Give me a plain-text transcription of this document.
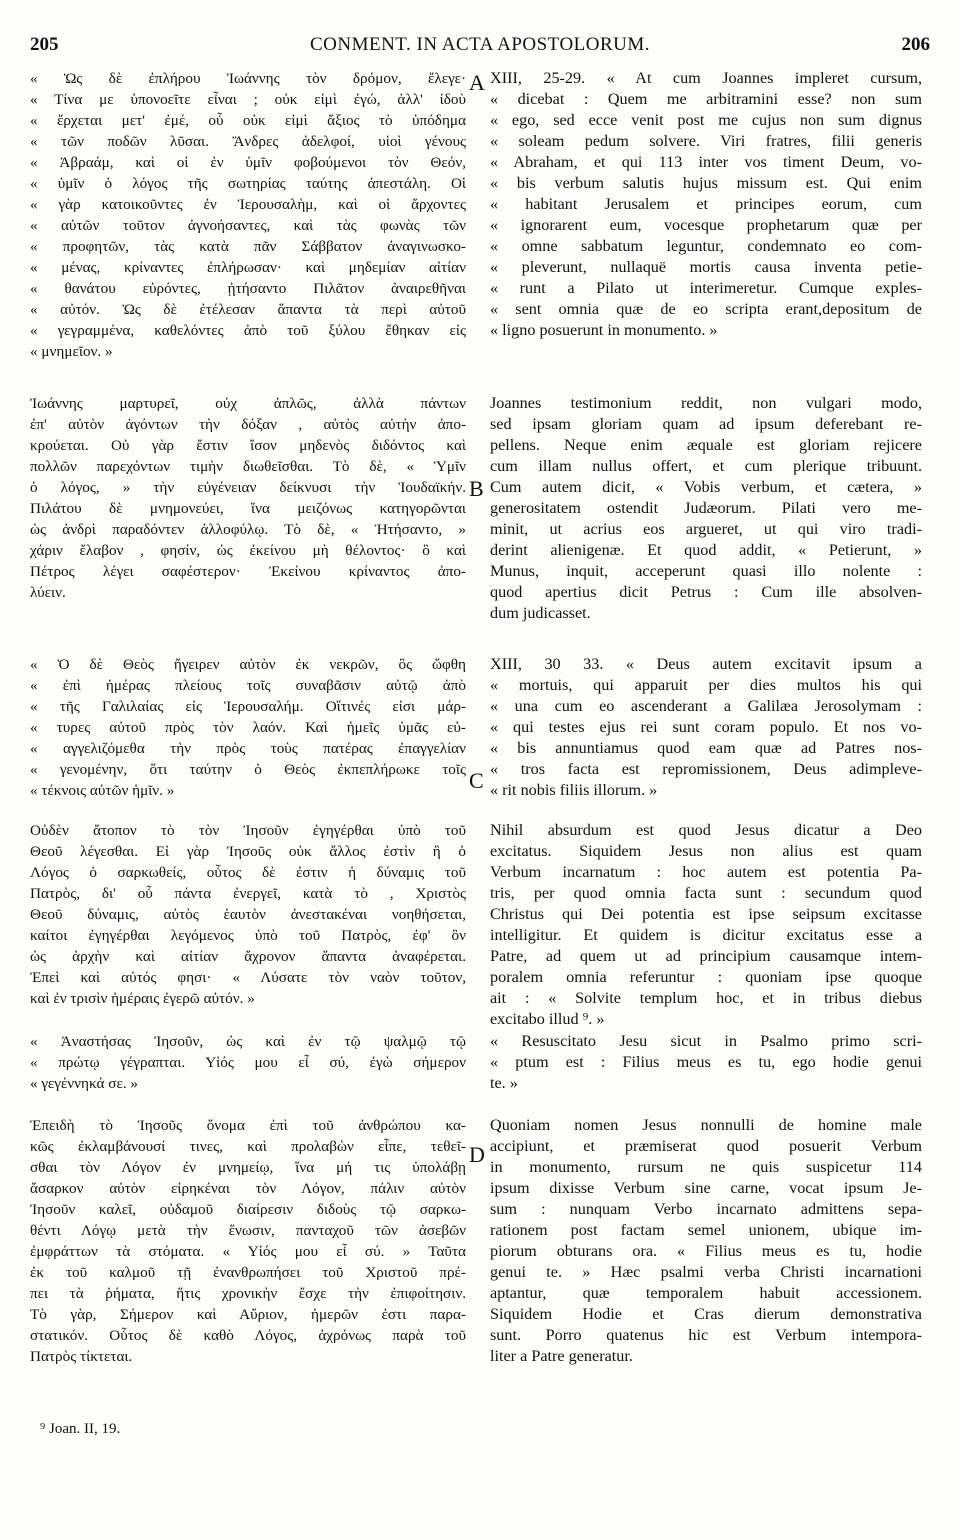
205	CONMENT. IN ACTA APOSTOLORUM.	206
« Ὡς δὲ ἐπλήρου Ἰωάννης τὸν δρόμον, ἔλεγε·
« Τίνα με ὑπονοεῖτε εἶναι ; οὐκ εἰμὶ ἐγώ, ἀλλ' ἰδοὺ
« ἔρχεται μετ' ἐμέ, οὗ οὐκ εἰμὶ ἄξιος τὸ ὑπόδημα
« τῶν ποδῶν λῦσαι. Ἄνδρες ἀδελφοί, υἱοὶ γένους
« Ἀβραάμ, καὶ οἱ ἐν ὑμῖν φοβούμενοι τὸν Θεόν,
« ὑμῖν ὁ λόγος τῆς σωτηρίας ταύτης ἀπεστάλη. Οἱ
« γὰρ κατοικοῦντες ἐν Ἱερουσαλὴμ, καὶ οἱ ἄρχοντες
« αὐτῶν τοῦτον ἀγνοήσαντες, καὶ τὰς φωνὰς τῶν
« προφητῶν, τὰς κατὰ πᾶν Σάββατον ἀναγινωσκο-
« μένας, κρίναντες ἐπλήρωσαν· καὶ μηδεμίαν αἰτίαν
« θανάτου εὑρόντες, ᾐτήσαντο Πιλᾶτον ἀναιρεθῆναι
« αὐτόν. Ὡς δὲ ἐτέλεσαν ἅπαντα τὰ περὶ αὐτοῦ
« γεγραμμένα, καθελόντες ἀπὸ τοῦ ξύλου ἔθηκαν εἰς
« μνημεῖον. »
Ἰωάννης μαρτυρεῖ, οὐχ ἁπλῶς, ἀλλὰ πάντων
ἐπ' αὐτὸν ἀγόντων τὴν δόξαν , αὐτὸς αὐτὴν ἀπο-
κρούεται. Οὐ γὰρ ἔστιν ἴσον μηδενὸς διδόντος καὶ
πολλῶν παρεχόντων τιμὴν διωθεῖσθαι. Τὸ δὲ, « Ὑμῖν
ὁ λόγος, » τὴν εὐγένειαν δείκνυσι τὴν Ἰουδαϊκήν.
Πιλάτου δὲ μνημονεύει, ἵνα μειζόνως κατηγορῶνται
ὡς ἀνδρὶ παραδόντεν ἀλλοφύλῳ. Τὸ δὲ, « Ἠτήσαντο, »
χάριν ἔλαβον , φησίν, ὡς ἐκείνου μὴ θέλοντος· ὃ καὶ
Πέτρος λέγει σαφέστερον· Ἐκείνου κρίναντος ἀπο-
λύειν.
« Ὁ δὲ Θεὸς ἤγειρεν αὐτὸν ἐκ νεκρῶν, ὃς ὤφθη
« ἐπὶ ἡμέρας πλείους τοῖς συναβᾶσιν αὐτῷ ἀπὸ
« τῆς Γαλιλαίας εἰς Ἱερουσαλήμ. Οἵτινές εἰσι μάρ-
« τυρες αὐτοῦ πρὸς τὸν λαόν. Καὶ ἡμεῖς ὑμᾶς εὐ-
« αγγελιζόμεθα τὴν πρὸς τοὺς πατέρας ἐπαγγελίαν
« γενομένην, ὅτι ταύτην ὁ Θεὸς ἐκπεπλήρωκε τοῖς
« τέκνοις αὐτῶν ἡμῖν. »
Οὐδὲν ἄτοπον τὸ τὸν Ἰησοῦν ἐγηγέρθαι ὑπὸ τοῦ
Θεοῦ λέγεσθαι. Εἰ γὰρ Ἰησοῦς οὐκ ἄλλος ἐστὶν ἢ ὁ
Λόγος ὁ σαρκωθείς, οὗτος δὲ ἐστιν ἡ δύναμις τοῦ
Πατρὸς, δι' οὗ πάντα ἐνεργεῖ, κατὰ τὸ , Χριστὸς
Θεοῦ δύναμις, αὐτὸς ἑαυτὸν ἀνεστακέναι νοηθήσεται,
καίτοι ἐγηγέρθαι λεγόμενος ὑπὸ τοῦ Πατρὸς, ἐφ' ὃν
ὡς ἀρχὴν καὶ αἰτίαν ἄχρονον ἅπαντα ἀναφέρεται.
Ἐπεὶ καὶ αὐτός φησι· « Λύσατε τὸν ναὸν τοῦτον,
καὶ ἐν τρισὶν ἡμέραις ἐγερῶ αὐτόν. »
« Ἀναστήσας Ἰησοῦν, ὡς καὶ ἐν τῷ ψαλμῷ τῷ
« πρώτῳ γέγραπται. Υἱός μου εἶ σύ, ἐγὼ σήμερον
« γεγέννηκά σε. »
Ἐπειδὴ τὸ Ἰησοῦς ὄνομα ἐπὶ τοῦ ἀνθρώπου κα-
κῶς ἐκλαμβάνουσί τινες, καὶ προλαβὼν εἶπε, τεθεῖ-
σθαι τὸν Λόγον ἐν μνημείῳ, ἵνα μή τις ὑπολάβῃ
ἄσαρκον αὐτὸν εἰρηκέναι τὸν Λόγον, πάλιν αὐτὸν
Ἰησοῦν καλεῖ, οὐδαμοῦ διαίρεσιν διδοὺς τῷ σαρκω-
θέντι Λόγῳ μετὰ τὴν ἕνωσιν, πανταχοῦ τῶν ἀσεβῶν
ἐμφράττων τὰ στόματα. « Υἱός μου εἶ σύ. » Ταῦτα
ἐκ τοῦ καλμοῦ τῇ ἐνανθρωπήσει τοῦ Χριστοῦ πρέ-
πει τὰ ῥήματα, ἥτις χρονικὴν ἔσχε τὴν ἐπιφοίτησιν.
Τὸ γὰρ, Σήμερον καὶ Αὔριον, ἡμερῶν ἐστι παρα-
στατικόν. Οὗτος δὲ καθὸ Λόγος, ἀχρόνως παρὰ τοῦ
Πατρὸς τίκτεται.
XIII, 25-29. « At cum Joannes impleret cursum,
« dicebat : Quem me arbitramini esse? non sum
« ego, sed ecce venit post me cujus non sum dignus
« soleam pedum solvere. Viri fratres, filii generis
« Abraham, et qui 113 inter vos timent Deum, vo-
« bis verbum salutis hujus missum est. Qui enim
« habitant Jerusalem et principes eorum, cum
« ignorarent eum, vocesque prophetarum quæ per
« omne sabbatum leguntur, condemnato eo com-
« pleverunt, nullaquë mortis causa inventa petie-
« runt a Pilato ut interimeretur. Cumque exples-
« sent omnia quæ de eo scripta erant,depositum de
« ligno posuerunt in monumento. »
Joannes testimonium reddit, non vulgari modo,
sed ipsam gloriam quam ad ipsum deferebant re-
pellens. Neque enim æquale est gloriam rejicere
cum illam nullus offert, et cum plerique tribuunt.
Cum autem dicit, « Vobis verbum, et cætera, »
generositatem ostendit Judæorum. Pilati vero me-
minit, ut acrius eos argueret, ut qui viro tradi-
derint alienigenæ. Et quod addit, « Petierunt, »
Munus, inquit, acceperunt quasi illo nolente :
quod apertius dicit Petrus : Cum ille absolven-
dum judicasset.
XIII, 30 33. « Deus autem excitavit ipsum a
« mortuis, qui apparuit per dies multos his qui
« una cum eo ascenderant a Galilæa Jerosolymam :
« qui testes ejus rei sunt coram populo. Et nos vo-
« bis annuntiamus quod eam quæ ad Patres nos-
« tros facta est repromissionem, Deus adimpleve-
« rit nobis filiis illorum. »
Nihil absurdum est quod Jesus dicatur a Deo
excitatus. Siquidem Jesus non alius est quam
Verbum incarnatum : hoc autem est potentia Pa-
tris, per quod omnia facta sunt : secundum quod
Christus qui Dei potentia est ipse seipsum excitasse
intelligitur. Et quidem is dicitur excitatus esse a
Patre, ad quem ut ad principium causamque intem-
poralem omnia referuntur : quoniam ipse quoque
ait : « Solvite templum hoc, et in tribus diebus
excitabo illud ⁹. »
« Resuscitato Jesu sicut in Psalmo primo scri-
« ptum est : Filius meus es tu, ego hodie genui
te. »
Quoniam nomen Jesus nonnulli de homine male
accipiunt, et præmiserat quod posuerit Verbum
in monumento, rursum ne quis suspicetur 114
ipsum dixisse Verbum sine carne, vocat ipsum Je-
sum : nunquam Verbo incarnato admittens sepa-
rationem post factam semel unionem, ubique im-
piorum obturans ora. « Filius meus es tu, hodie
genui te. » Hæc psalmi verba Christi incarnationi
aptantur, quæ temporalem habuit accessionem.
Siquidem Hodie et Cras dierum demonstrativa
sunt. Porro quatenus hic est Verbum intempora-
liter a Patre generatur.
A
B
C
D
⁹ Joan. II, 19.
